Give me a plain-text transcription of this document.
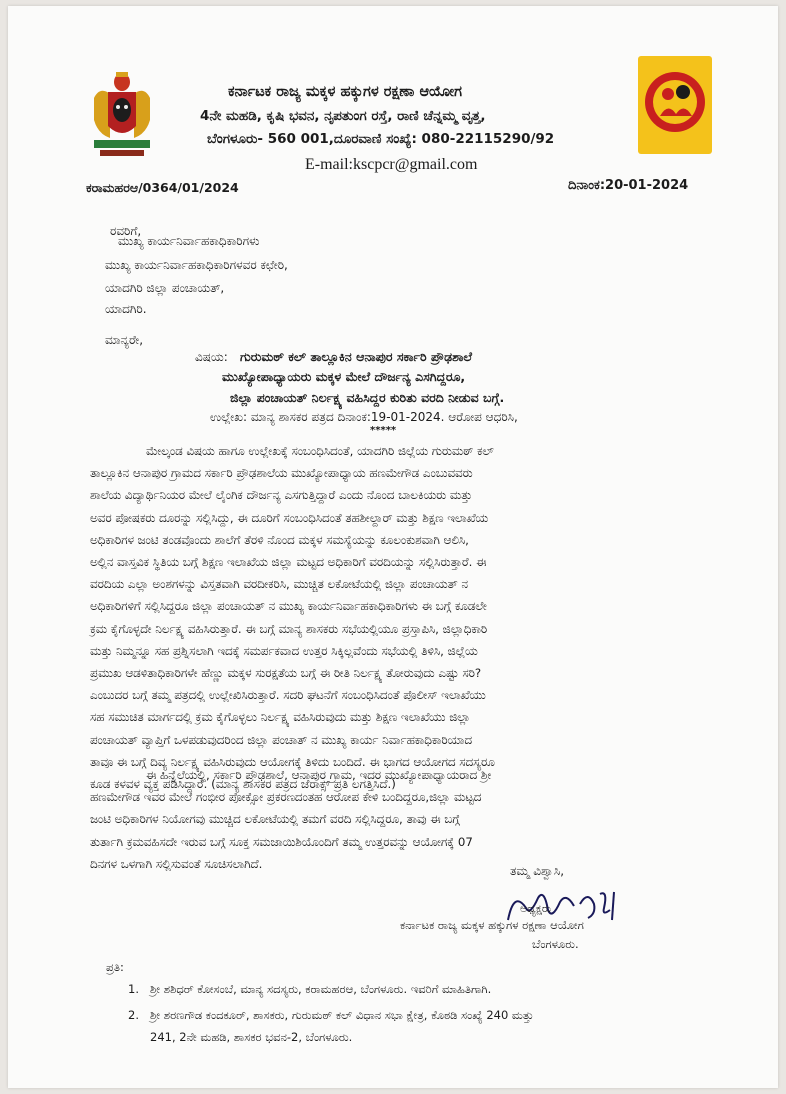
ಕರ್ನಾಟಕ ರಾಜ್ಯ ಮಕ್ಕಳ ಹಕ್ಕುಗಳ ರಕ್ಷಣಾ ಆಯೋಗ
4ನೇ ಮಹಡಿ, ಕೃಷಿ ಭವನ, ನೃಪತುಂಗ ರಸ್ತೆ, ರಾಣಿ ಚೆನ್ನಮ್ಮ ವೃತ್ತ,
ಬೆಂಗಳೂರು- 560 001,ದೂರವಾಣಿ ಸಂಖ್ಯೆ: 080-22115290/92
E-mail:kscpcr@gmail.com
ಕರಾಮಹರಆ/0364/01/2024	ದಿನಾಂಕ:20-01-2024
ರವರಿಗೆ,
ಮುಖ್ಯ ಕಾರ್ಯನಿರ್ವಾಹಕಾಧಿಕಾರಿಗಳು
ಮುಖ್ಯ ಕಾರ್ಯನಿರ್ವಾಹಕಾಧಿಕಾರಿಗಳವರ ಕಛೇರಿ,
ಯಾದಗಿರಿ ಜಿಲ್ಲಾ ಪಂಚಾಯತ್,
ಯಾದಗಿರಿ.
ಮಾನ್ಯರೇ,
ವಿಷಯ: ಗುರುಮಠ್ ಕಲ್ ತಾಲ್ಲೂಕಿನ ಆನಾಪುರ ಸರ್ಕಾರಿ ಪ್ರೌಢಶಾಲೆ
ಮುಖ್ಯೋಪಾಧ್ಯಾಯರು ಮಕ್ಕಳ ಮೇಲೆ ದೌರ್ಜನ್ಯ ಎಸಗಿದ್ದರೂ,
ಜಿಲ್ಲಾ ಪಂಚಾಯತ್ ನಿರ್ಲಕ್ಷ್ಯ ವಹಿಸಿದ್ದರ ಕುರಿತು ವರದಿ ನೀಡುವ ಬಗ್ಗೆ.
ಉಲ್ಲೇಖ: ಮಾನ್ಯ ಶಾಸಕರ ಪತ್ರದ ದಿನಾಂಕ:19-01-2024. ಆರೋಪ ಆಧರಿಸಿ,
*****
ಮೇಲ್ಕಂಡ ವಿಷಯ ಹಾಗೂ ಉಲ್ಲೇಖಕ್ಕೆ ಸಂಬಂಧಿಸಿದಂತೆ, ಯಾದಗಿರಿ ಜಿಲ್ಲೆಯ ಗುರುಮಠ್ ಕಲ್
ತಾಲ್ಲೂಕಿನ ಆನಾಪುರ ಗ್ರಾಮದ ಸರ್ಕಾರಿ ಪ್ರೌಢಶಾಲೆಯ ಮುಖ್ಯೋಪಾಧ್ಯಾಯ ಹಣಮೇಗೌಡ ಎಂಬುವವರು
ಶಾಲೆಯ ವಿದ್ಯಾರ್ಥಿನಿಯರ ಮೇಲೆ ಲೈಂಗಿಕ ದೌರ್ಜನ್ಯ ಎಸಗುತ್ತಿದ್ದಾರೆ ಎಂದು ನೊಂದ ಬಾಲಕಿಯರು ಮತ್ತು
ಅವರ ಪೋಷಕರು ದೂರನ್ನು ಸಲ್ಲಿಸಿದ್ದು, ಈ ದೂರಿಗೆ ಸಂಬಂಧಿಸಿದಂತೆ ತಹಶೀಲ್ದಾರ್ ಮತ್ತು ಶಿಕ್ಷಣ ಇಲಾಖೆಯ
ಅಧಿಕಾರಿಗಳ ಜಂಟಿ ತಂಡವೊಂದು ಶಾಲೆಗೆ ತೆರಳಿ ನೊಂದ ಮಕ್ಕಳ ಸಮಸ್ಯೆಯನ್ನು ಕೂಲಂಕುಶವಾಗಿ ಆಲಿಸಿ,
ಅಲ್ಲಿನ ವಾಸ್ತವಿಕ ಸ್ಥಿತಿಯ ಬಗ್ಗೆ ಶಿಕ್ಷಣ ಇಲಾಖೆಯ ಜಿಲ್ಲಾ ಮಟ್ಟದ ಅಧಿಕಾರಿಗೆ ವರದಿಯನ್ನು ಸಲ್ಲಿಸಿರುತ್ತಾರೆ. ಈ
ವರದಿಯ ಎಲ್ಲಾ ಅಂಶಗಳನ್ನು ವಿಸ್ತತವಾಗಿ ವರದೀಕರಿಸಿ, ಮುಚ್ಚಿತ ಲಕೋಟೆಯಲ್ಲಿ ಜಿಲ್ಲಾ ಪಂಚಾಯತ್ ನ
ಅಧಿಕಾರಿಗಳಿಗೆ ಸಲ್ಲಿಸಿದ್ದರೂ ಜಿಲ್ಲಾ ಪಂಚಾಯತ್ ನ ಮುಖ್ಯ ಕಾರ್ಯನಿರ್ವಾಹಕಾಧಿಕಾರಿಗಳು ಈ ಬಗ್ಗೆ ಕೂಡಲೇ
ಕ್ರಮ ಕೈಗೊಳ್ಳದೇ ನಿರ್ಲಕ್ಷ್ಯ ವಹಿಸಿರುತ್ತಾರೆ. ಈ ಬಗ್ಗೆ ಮಾನ್ಯ ಶಾಸಕರು ಸಭೆಯಲ್ಲಿಯೂ ಪ್ರಸ್ತಾಪಿಸಿ, ಜಿಲ್ಲಾಧಿಕಾರಿ
ಮತ್ತು ನಿಮ್ಮನ್ನೂ ಸಹ ಪ್ರಶ್ನಿಸಲಾಗಿ ಇದಕ್ಕೆ ಸಮರ್ಪಕವಾದ ಉತ್ತರ ಸಿಕ್ಕಿಲ್ಲವೆಂದು ಸಭೆಯಲ್ಲಿ ತಿಳಿಸಿ, ಜಿಲ್ಲೆಯ
ಪ್ರಮುಖ ಆಡಳಿತಾಧಿಕಾರಿಗಳೇ ಹೆಣ್ಣು ಮಕ್ಕಳ ಸುರಕ್ಷತೆಯ ಬಗ್ಗೆ ಈ ರೀತಿ ನಿರ್ಲಕ್ಷ್ಯ ತೋರುವುದು ಎಷ್ಟು ಸರಿ?
ಎಂಬುದರ ಬಗ್ಗೆ ತಮ್ಮ ಪತ್ರದಲ್ಲಿ ಉಲ್ಲೇಖಿಸಿರುತ್ತಾರೆ. ಸದರಿ ಘಟನೆಗೆ ಸಂಬಂಧಿಸಿದಂತೆ ಪೊಲೀಸ್ ಇಲಾಖೆಯು
ಸಹ ಸಮುಚಿತ ಮಾರ್ಗದಲ್ಲಿ ಕ್ರಮ ಕೈಗೊಳ್ಳಲು ನಿರ್ಲಕ್ಷ್ಯ ವಹಿಸಿರುವುದು ಮತ್ತು ಶಿಕ್ಷಣ ಇಲಾಖೆಯು ಜಿಲ್ಲಾ
ಪಂಚಾಯತ್ ವ್ಯಾಪ್ತಿಗೆ ಒಳಪಡುವುದರಿಂದ ಜಿಲ್ಲಾ ಪಂಚಾತ್ ನ ಮುಖ್ಯ ಕಾರ್ಯ ನಿರ್ವಾಹಕಾಧಿಕಾರಿಯಾದ
ತಾವೂ ಈ ಬಗ್ಗೆ ದಿವ್ಯ ನಿರ್ಲಕ್ಷ್ಯ ವಹಿಸಿರುವುದು ಆಯೋಗಕ್ಕೆ ತಿಳಿದು ಬಂದಿದೆ. ಈ ಭಾಗದ ಆಯೋಗದ ಸದಸ್ಯರೂ
ಕೂಡ ಕಳವಳ ವ್ಯಕ್ತ ಪಡಿಸಿದ್ದಾರೆ. (ಮಾನ್ಯ ಶಾಸಕರ ಪತ್ರದ ಜೆರಾಕ್ಸ್ ಪ್ರತಿ ಲಗತ್ತಿಸಿದೆ.)
ಈ ಹಿನ್ನೆಲೆಯಲ್ಲಿ, ಸರ್ಕಾರಿ ಪ್ರೌಢಶಾಲೆ, ಆನಾಪುರ ಗ್ರಾಮ, ಇದರ ಮುಖ್ಯೋಪಾಧ್ಯಾಯರಾದ ಶ್ರೀ
ಹಣಮೇಗೌಡ ಇವರ ಮೇಲೆ ಗಂಭೀರ ಪೋಕ್ಸೋ ಪ್ರಕರಣದಂತಹ ಆರೋಪ ಕೇಳಿ ಬಂದಿದ್ದರೂ,ಜಿಲ್ಲಾ ಮಟ್ಟದ
ಜಂಟಿ ಅಧಿಕಾರಿಗಳ ನಿಯೋಗವು ಮುಚ್ಚಿದ ಲಕೋಟೆಯಲ್ಲಿ ತಮಗೆ ವರದಿ ಸಲ್ಲಿಸಿದ್ದರೂ, ತಾವು ಈ ಬಗ್ಗೆ
ತುರ್ತಾಗಿ ಕ್ರಮವಹಿಸದೇ ಇರುವ ಬಗ್ಗೆ ಸೂಕ್ತ ಸಮಜಾಯಿಶಿಯೊಂದಿಗೆ ತಮ್ಮ ಉತ್ತರವನ್ನು ಆಯೋಗಕ್ಕೆ 07
ದಿನಗಳ ಒಳಗಾಗಿ ಸಲ್ಲಿಸುವಂತೆ ಸೂಚಿಸಲಾಗಿದೆ.
ತಮ್ಮ ವಿಶ್ವಾಸಿ,
ಅಧ್ಯಕ್ಷರು
ಕರ್ನಾಟಕ ರಾಜ್ಯ ಮಕ್ಕಳ ಹಕ್ಕುಗಳ ರಕ್ಷಣಾ ಆಯೋಗ
ಬೆಂಗಳೂರು.
ಪ್ರತಿ:
1. ಶ್ರೀ ಶಶಿಧರ್ ಕೋಸಂಬೆ, ಮಾನ್ಯ ಸದಸ್ಯರು, ಕರಾಮಹರಆ, ಬೆಂಗಳೂರು. ಇವರಿಗೆ ಮಾಹಿತಿಗಾಗಿ.
2. ಶ್ರೀ ಶರಣಗೌಡ ಕಂದಕೂರ್, ಶಾಸಕರು, ಗುರುಮಠ್ ಕಲ್ ವಿಧಾನ ಸಭಾ ಕ್ಷೇತ್ರ, ಕೊಠಡಿ ಸಂಖ್ಯೆ 240 ಮತ್ತು
241, 2ನೇ ಮಹಡಿ, ಶಾಸಕರ ಭವನ-2, ಬೆಂಗಳೂರು.
